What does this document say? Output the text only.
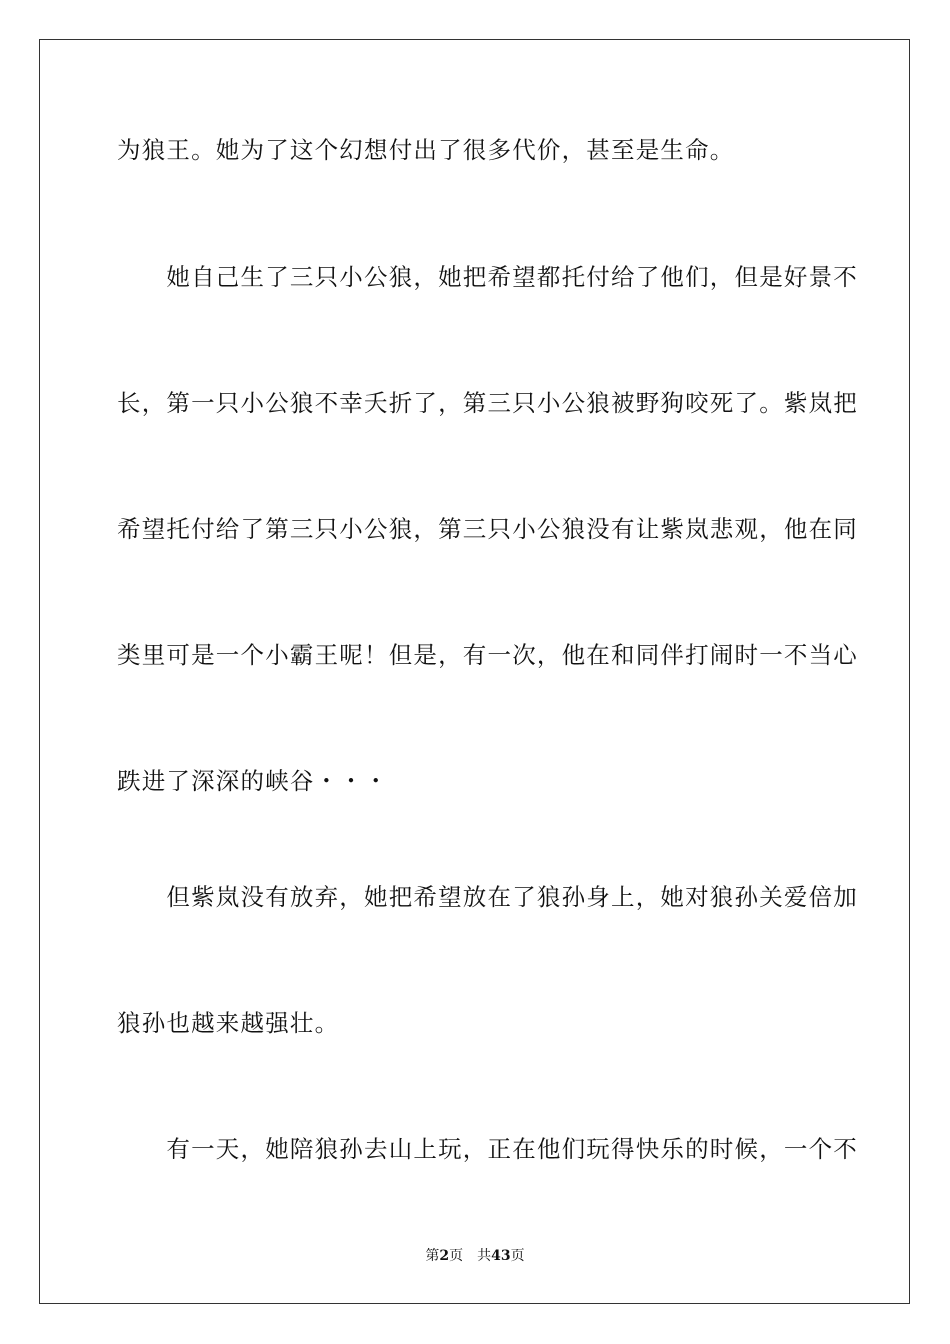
为狼王。她为了这个幻想付出了很多代价，甚至是生命。
　　她自己生了三只小公狼，她把希望都托付给了他们，但是好景不
长，第一只小公狼不幸夭折了，第三只小公狼被野狗咬死了。紫岚把
希望托付给了第三只小公狼，第三只小公狼没有让紫岚悲观，他在同
类里可是一个小霸王呢！但是，有一次，他在和同伴打闹时一不当心
跌进了深深的峡谷・・・
　　但紫岚没有放弃，她把希望放在了狼孙身上，她对狼孙关爱倍加
狼孙也越来越强壮。
　　有一天，她陪狼孙去山上玩，正在他们玩得快乐的时候，一个不
第2页 共43页
